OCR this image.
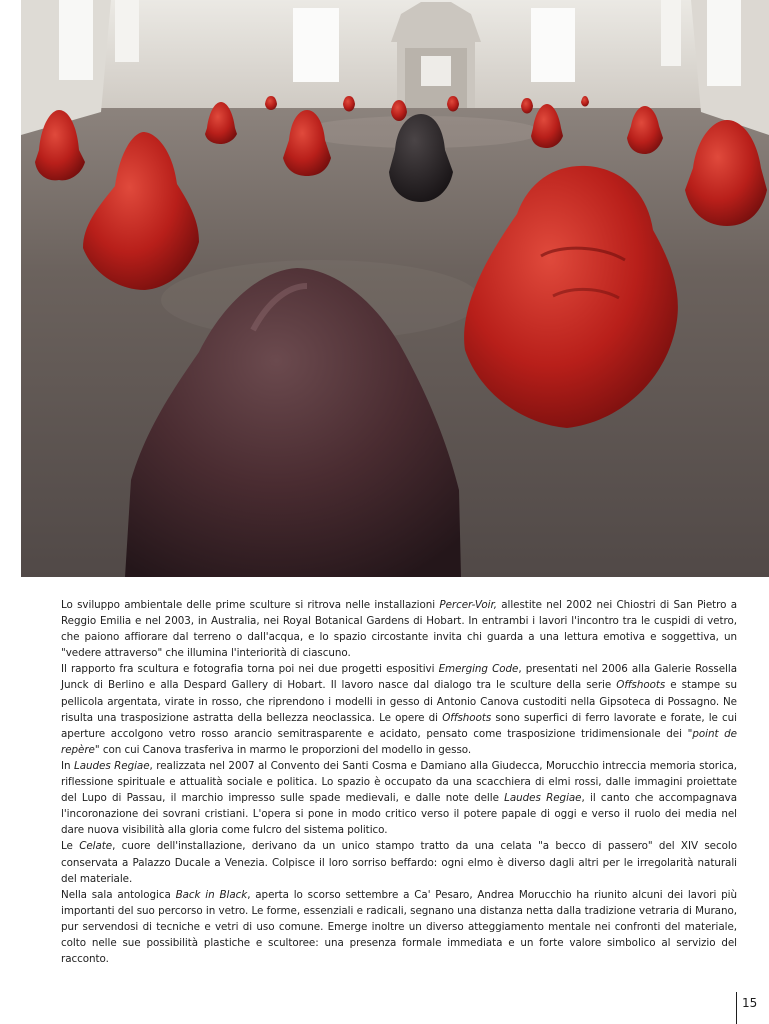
Lo sviluppo ambientale delle prime sculture si ritrova nelle installazioni Percer-Voir, allestite nel 2002 nei Chiostri di San Pietro a Reggio Emilia e nel 2003, in Australia, nei Royal Botanical Gardens di Hobart. In entrambi i lavori l'incontro tra le cuspidi di vetro, che paiono affiorare dal terreno o dall'acqua, e lo spazio circostante invita chi guarda a una lettura emotiva e soggettiva, un "vedere attraverso" che illumina l'interiorità di ciascuno.

Il rapporto fra scultura e fotografia torna poi nei due progetti espositivi Emerging Code, presentati nel 2006 alla Galerie Rossella Junck di Berlino e alla Despard Gallery di Hobart. Il lavoro nasce dal dialogo tra le sculture della serie Offshoots e stampe su pellicola argentata, virate in rosso, che riprendono i modelli in gesso di Antonio Canova custoditi nella Gipsoteca di Possagno. Ne risulta una trasposizione astratta della bellezza neoclassica. Le opere di Offshoots sono superfici di ferro lavorate e forate, le cui aperture accolgono vetro rosso arancio semitrasparente e acidato, pensato come trasposizione tridimensionale dei "point de repère" con cui Canova trasferiva in marmo le proporzioni del modello in gesso.

In Laudes Regiae, realizzata nel 2007 al Convento dei Santi Cosma e Damiano alla Giudecca, Morucchio intreccia memoria storica, riflessione spirituale e attualità sociale e politica. Lo spazio è occupato da una scacchiera di elmi rossi, dalle immagini proiettate del Lupo di Passau, il marchio impresso sulle spade medievali, e dalle note delle Laudes Regiae, il canto che accompagnava l'incoronazione dei sovrani cristiani. L'opera si pone in modo critico verso il potere papale di oggi e verso il ruolo dei media nel dare nuova visibilità alla gloria come fulcro del sistema politico.

Le Celate, cuore dell'installazione, derivano da un unico stampo tratto da una celata "a becco di passero" del XIV secolo conservata a Palazzo Ducale a Venezia. Colpisce il loro sorriso beffardo: ogni elmo è diverso dagli altri per le irregolarità naturali del materiale.

Nella sala antologica Back in Black, aperta lo scorso settembre a Ca' Pesaro, Andrea Morucchio ha riunito alcuni dei lavori più importanti del suo percorso in vetro. Le forme, essenziali e radicali, segnano una distanza netta dalla tradizione vetraria di Murano, pur servendosi di tecniche e vetri di uso comune. Emerge inoltre un diverso atteggiamento mentale nei confronti del materiale, colto nelle sue possibilità plastiche e scultoree: una presenza formale immediata e un forte valore simbolico al servizio del racconto.

15
